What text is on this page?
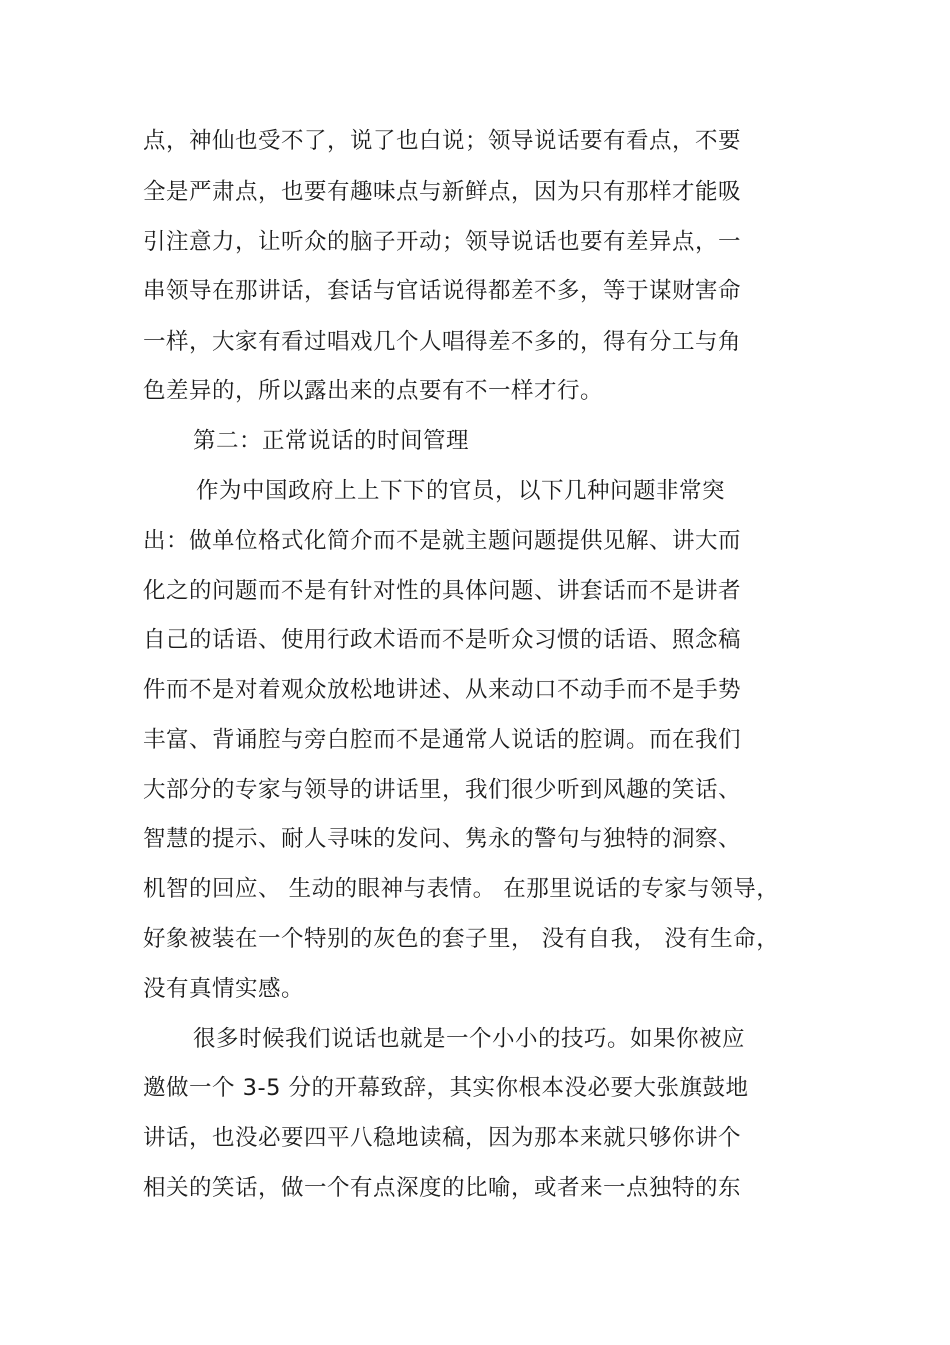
点，神仙也受不了，说了也白说；领导说话要有看点，不要
全是严肃点，也要有趣味点与新鲜点，因为只有那样才能吸
引注意力，让听众的脑子开动；领导说话也要有差异点，一
串领导在那讲话，套话与官话说得都差不多，等于谋财害命
一样，大家有看过唱戏几个人唱得差不多的，得有分工与角
色差异的，所以露出来的点要有不一样才行。
第二：正常说话的时间管理
作为中国政府上上下下的官员，以下几种问题非常突
出：做单位格式化简介而不是就主题问题提供见解、讲大而
化之的问题而不是有针对性的具体问题、讲套话而不是讲者
自己的话语、使用行政术语而不是听众习惯的话语、照念稿
件而不是对着观众放松地讲述、从来动口不动手而不是手势
丰富、背诵腔与旁白腔而不是通常人说话的腔调。而在我们
大部分的专家与领导的讲话里，我们很少听到风趣的笑话、
智慧的提示、耐人寻味的发问、隽永的警句与独特的洞察、
机智的回应、 生动的眼神与表情。 在那里说话的专家与领导，
好象被装在一个特别的灰色的套子里， 没有自我， 没有生命，
没有真情实感。
很多时候我们说话也就是一个小小的技巧。如果你被应
邀做一个 3-5 分的开幕致辞，其实你根本没必要大张旗鼓地
讲话，也没必要四平八稳地读稿，因为那本来就只够你讲个
相关的笑话，做一个有点深度的比喻，或者来一点独特的东
